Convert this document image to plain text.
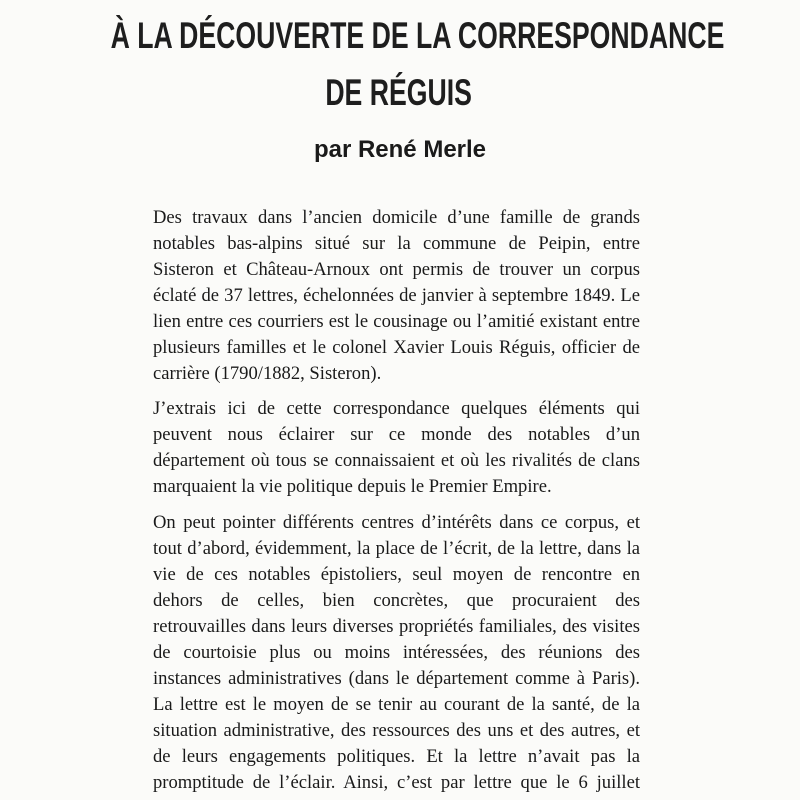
À LA DÉCOUVERTE DE LA CORRESPONDANCE
DE RÉGUIS
par René Merle
Des travaux dans l’ancien domicile d’une famille de grands
notables bas-alpins situé sur la commune de Peipin, entre
Sisteron et Château-Arnoux ont permis de trouver un corpus
éclaté de 37 lettres, échelonnées de janvier à septembre 1849. Le
lien entre ces courriers est le cousinage ou l’amitié existant entre
plusieurs familles et le colonel Xavier Louis Réguis, officier de
carrière (1790/1882, Sisteron).
J’extrais ici de cette correspondance quelques éléments qui
peuvent nous éclairer sur ce monde des notables d’un
département où tous se connaissaient et où les rivalités de clans
marquaient la vie politique depuis le Premier Empire.
On peut pointer différents centres d’intérêts dans ce corpus, et
tout d’abord, évidemment, la place de l’écrit, de la lettre, dans la
vie de ces notables épistoliers, seul moyen de rencontre en
dehors de celles, bien concrètes, que procuraient des
retrouvailles dans leurs diverses propriétés familiales, des visites
de courtoisie plus ou moins intéressées, des réunions des
instances administratives (dans le département comme à Paris).
La lettre est le moyen de se tenir au courant de la santé, de la
situation administrative, des ressources des uns et des autres, et
de leurs engagements politiques. Et la lettre n’avait pas la
promptitude de l’éclair. Ainsi, c’est par lettre que le 6 juillet
